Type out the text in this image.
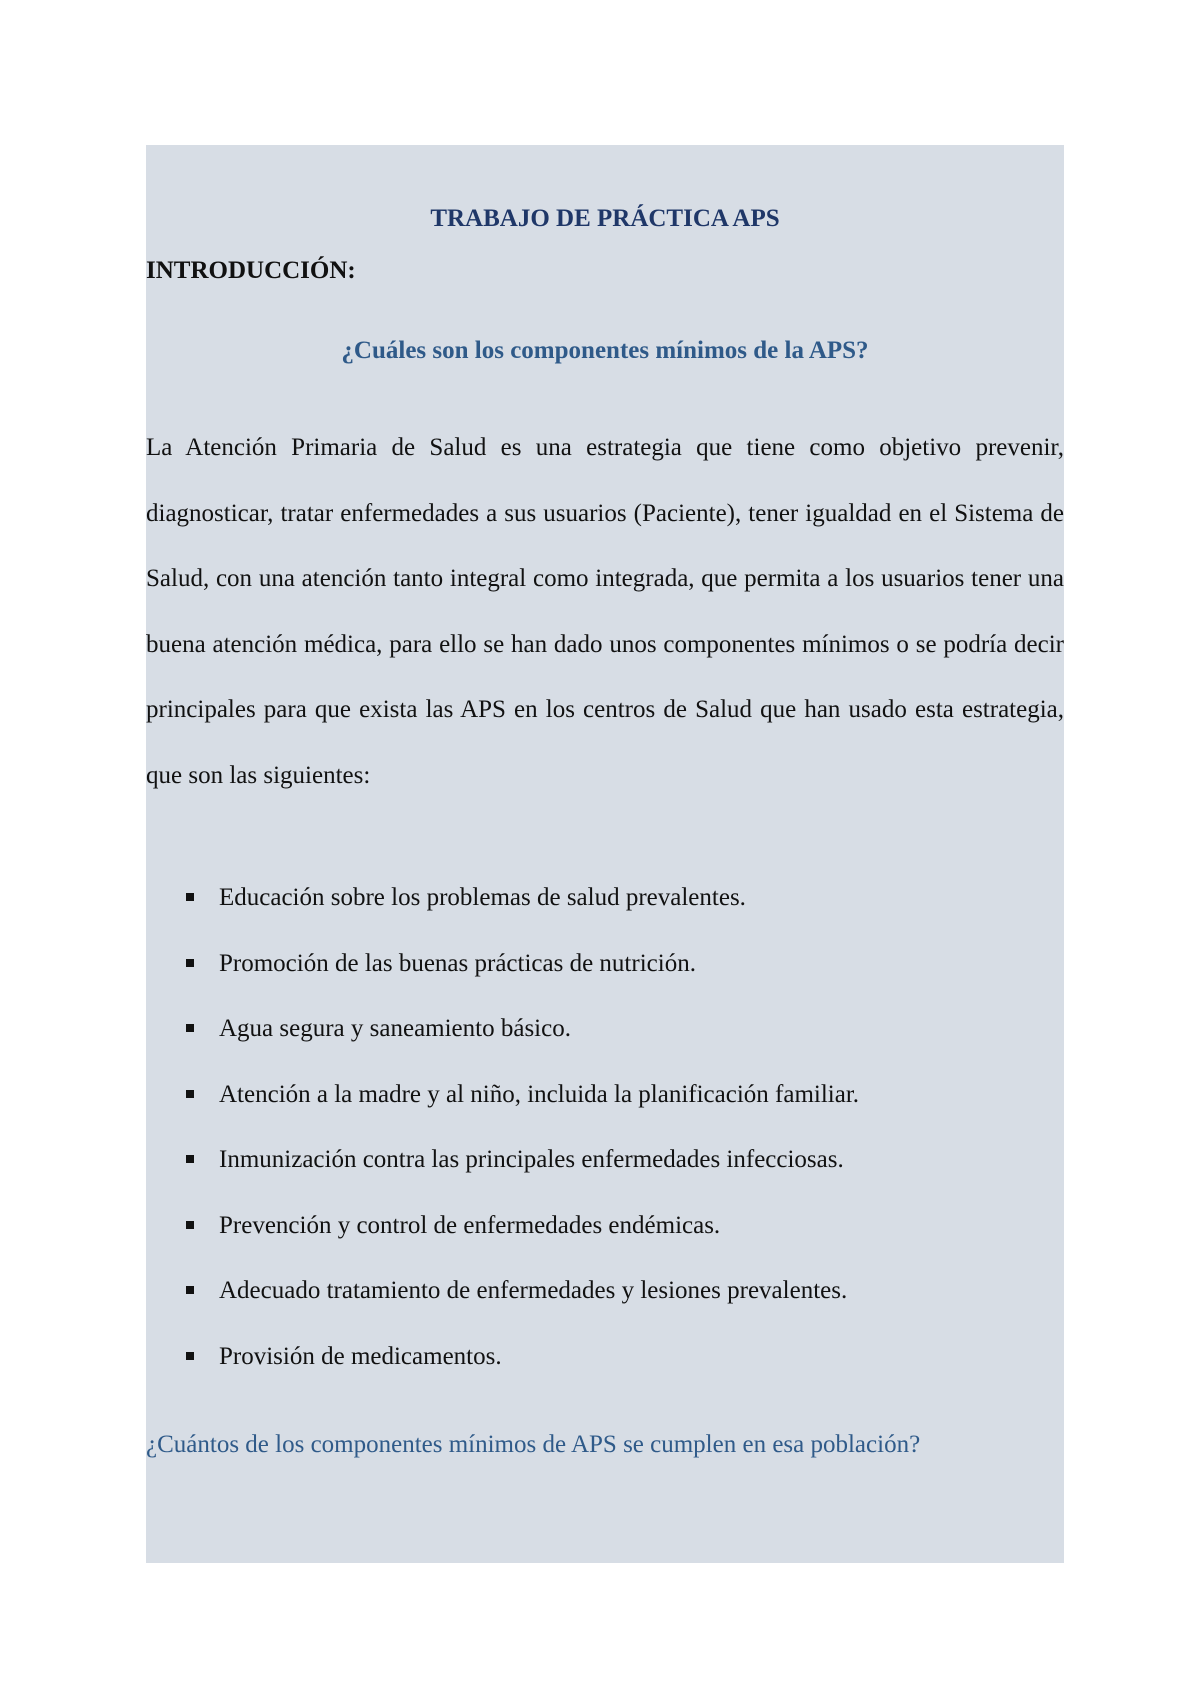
TRABAJO DE PRÁCTICA APS
INTRODUCCIÓN:
¿Cuáles son los componentes mínimos de la APS?

La Atención Primaria de Salud es una estrategia que tiene como objetivo prevenir, diagnosticar, tratar enfermedades a sus usuarios (Paciente), tener igualdad en el Sistema de Salud, con una atención tanto integral como integrada, que permita a los usuarios tener una buena atención médica, para ello se han dado unos componentes mínimos o se podría decir principales para que exista las APS en los centros de Salud que han usado esta estrategia, que son las siguientes:

Educación sobre los problemas de salud prevalentes.
Promoción de las buenas prácticas de nutrición.
Agua segura y saneamiento básico.
Atención a la madre y al niño, incluida la planificación familiar.
Inmunización contra las principales enfermedades infecciosas.
Prevención y control de enfermedades endémicas.
Adecuado tratamiento de enfermedades y lesiones prevalentes.
Provisión de medicamentos.

¿Cuántos de los componentes mínimos de APS se cumplen en esa población?
